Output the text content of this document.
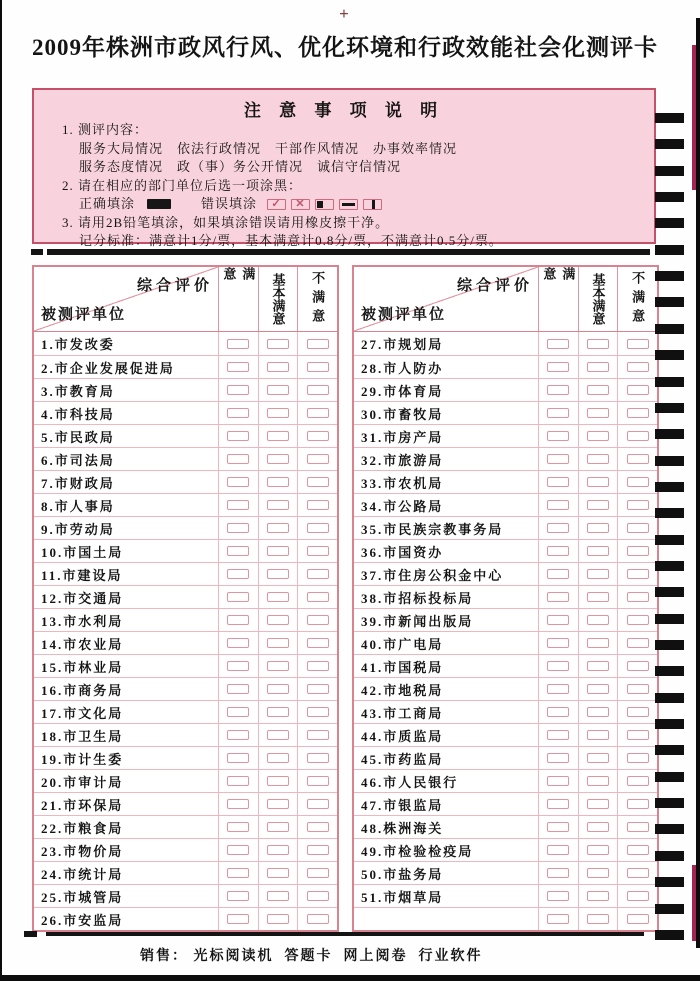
+
2009年株洲市政风行风、优化环境和行政效能社会化测评卡
注 意 事 项 说 明
1. 测评内容：
服务大局情况　依法行政情况　干部作风情况　办事效率情况
服务态度情况　政（事）务公开情况　诚信守信情况
2. 请在相应的部门单位后选一项涂黑：
正确填涂	错误填涂	✓	✕
3. 请用2B铅笔填涂，如果填涂错误请用橡皮擦干净。
记分标准：满意计1分/票，基本满意计0.8分/票，不满意计0.5分/票。
综合评价
被测评单位
满意	基本满意 不满意
1.市发改委
2.市企业发展促进局
3.市教育局
4.市科技局
5.市民政局
6.市司法局
7.市财政局
8.市人事局
9.市劳动局
10.市国土局
11.市建设局
12.市交通局
13.市水利局
14.市农业局
15.市林业局
16.市商务局
17.市文化局
18.市卫生局
19.市计生委
20.市审计局
21.市环保局
22.市粮食局
23.市物价局
24.市统计局
25.市城管局
26.市安监局
综合评价
被测评单位
满意	基本满意 不满意
27.市规划局
28.市人防办
29.市体育局
30.市畜牧局
31.市房产局
32.市旅游局
33.市农机局
34.市公路局
35.市民族宗教事务局
36.市国资办
37.市住房公积金中心
38.市招标投标局
39.市新闻出版局
40.市广电局
41.市国税局
42.市地税局
43.市工商局
44.市质监局
45.市药监局
46.市人民银行
47.市银监局
48.株洲海关
49.市检验检疫局
50.市盐务局
51.市烟草局
销售： 光标阅读机  答题卡  网上阅卷  行业软件
